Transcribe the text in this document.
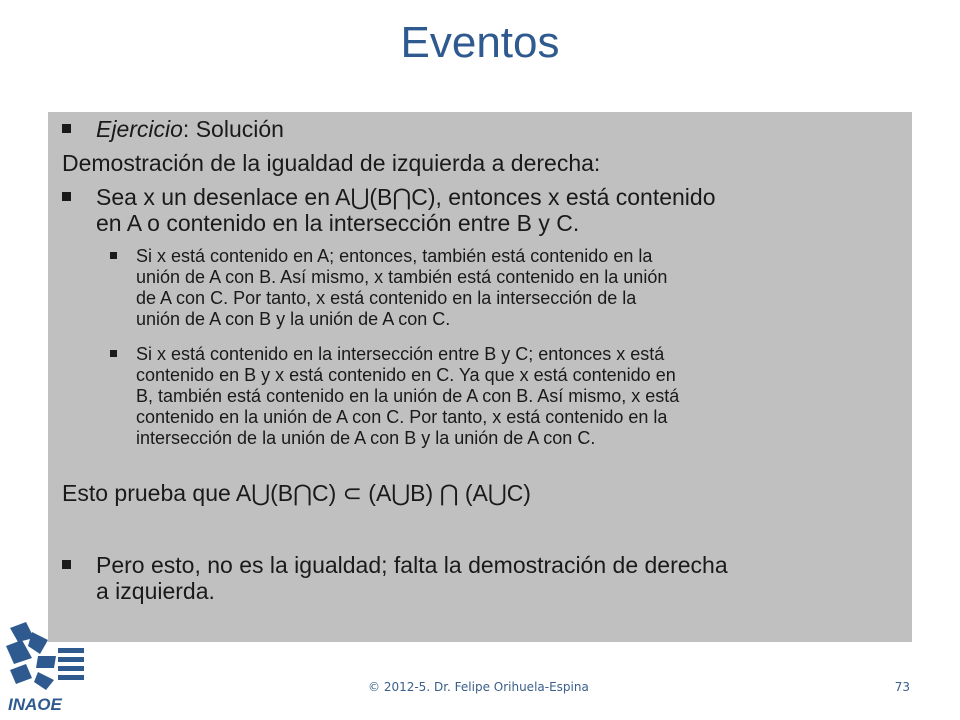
Eventos
Ejercicio: Solución
Demostración de la igualdad de izquierda a derecha:
Sea x un desenlace en A⋃(B⋂C), entonces x está contenido
en A o contenido en la intersección entre B y C.
Si x está contenido en A; entonces, también está contenido en la
unión de A con B. Así mismo, x también está contenido en la unión
de A con C. Por tanto, x está contenido en la intersección de la
unión de A con B y la unión de A con C.
Si x está contenido en la intersección entre B y C; entonces x está
contenido en B y x está contenido en C. Ya que x está contenido en
B, también está contenido en la unión de A con B. Así mismo, x está
contenido en la unión de A con C. Por tanto, x está contenido en la
intersección de la unión de A con B y la unión de A con C.
Esto prueba que A⋃(B⋂C) ⊂ (A⋃B) ⋂ (A⋃C)
Pero esto, no es la igualdad; falta la demostración de derecha
a izquierda.
INAOE
© 2012-5. Dr. Felipe Orihuela-Espina	73
